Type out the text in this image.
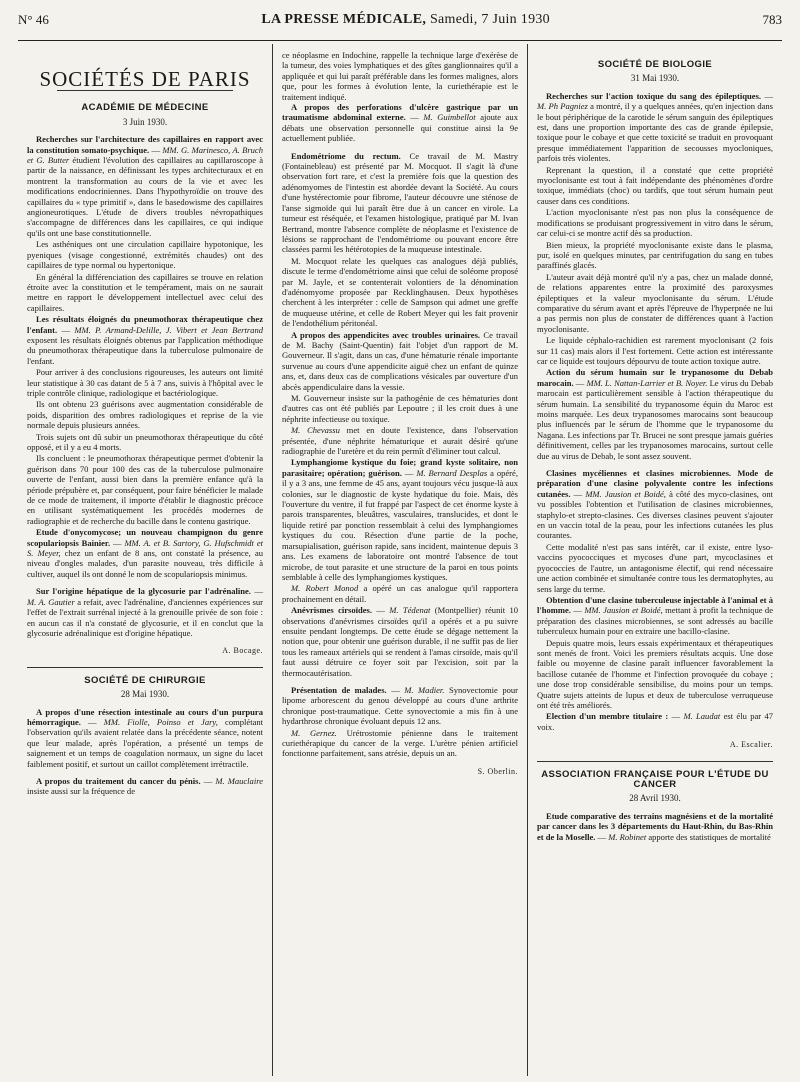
N° 46	LA PRESSE MÉDICALE, Samedi, 7 Juin 1930	783
SOCIÉTÉS DE PARIS
ACADÉMIE DE MÉDECINE
3 Juin 1930.

Recherches sur l'architecture des capillaires en rapport avec la constitution somato-psychique. — MM. G. Marinesco, A. Bruch et G. Butter étudient l'évolution des capillaires au capillaroscope à partir de la naissance, en définissant les types architecturaux et en montrent la transformation au cours de la vie et avec les modifications endocriniennes. Dans l'hypothyroïdie on trouve des capillaires du « type primitif », dans le basedowisme des capillaires angioneurotiques. L'étude de divers troubles névropathiques s'accompagne de différences dans les capillaires, ce qui indique qu'ils ont une base constitutionnelle.

Les asthéniques ont une circulation capillaire hypotonique, les pyeniques (visage congestionné, extrémités chaudes) ont des capillaires de type normal ou hypertonique.

En général la différenciation des capillaires se trouve en relation étroite avec la constitution et le tempérament, mais on ne saurait mettre en rapport le développement intellectuel avec celui des capillaires.

Les résultats éloignés du pneumothorax thérapeutique chez l'enfant. — MM. P. Armand-Delille, J. Vibert et Jean Bertrand exposent les résultats éloignés obtenus par l'application méthodique du pneumothorax thérapeutique dans la tuberculose pulmonaire de l'enfant.

Pour arriver à des conclusions rigoureuses, les auteurs ont limité leur statistique à 30 cas datant de 5 à 7 ans, suivis à l'hôpital avec le triple contrôle clinique, radiologique et bactériologique.

Ils ont obtenu 23 guérisons avec augmentation considérable de poids, disparition des ombres radiologiques et reprise de la vie normale depuis plusieurs années.

Trois sujets ont dû subir un pneumothorax thérapeutique du côté opposé, et il y a eu 4 morts.

Ils concluent : le pneumothorax thérapeutique permet d'obtenir la guérison dans 70 pour 100 des cas de la tuberculose pulmonaire ouverte de l'enfant, aussi bien dans la première enfance qu'à la période prépubère et, par conséquent, pour faire bénéficier le malade de ce mode de traitement, il importe d'établir le diagnostic précoce en utilisant systématiquement les procédés modernes de radiographie et de recherche du bacille dans le contenu gastrique.

Etude d'onycomycose; un nouveau champignon du genre scopulariopsis Bainier. — MM. A. et B. Sartory, G. Hufschmidt et S. Meyer, chez un enfant de 8 ans, ont constaté la présence, au niveau d'ongles malades, d'un parasite nouveau, très difficile à cultiver, auquel ils ont donné le nom de scopulariopsis minimus.

Sur l'origine hépatique de la glycosurie par l'adrénaline. — M. A. Gautier a refait, avec l'adrénaline, d'anciennes expériences sur l'effet de l'extrait surrénal injecté à la grenouille privée de son foie : en aucun cas il n'a constaté de glycosurie, et il en conclut que la glycosurie adrénalinique est d'origine hépatique.

A. Bocage.
SOCIÉTÉ DE CHIRURGIE
28 Mai 1930.

A propos d'une résection intestinale au cours d'un purpura hémorragique. — MM. Fiolle, Poinso et Jary, complétant l'observation qu'ils avaient relatée dans la précédente séance, notent que leur malade, après l'opération, a présenté un temps de saignement et un temps de coagulation normaux, un signe du lacet faiblement positif, et surtout un caillot complètement irrétractile.

A propos du traitement du cancer du pénis. — M. Mauclaire insiste aussi sur la fréquence de

ce néoplasme en Indochine, rappelle la technique large d'exérèse de la tumeur, des voies lymphatiques et des gîtes ganglionnaires qu'il a appliquée et qui lui paraît préférable dans les formes malignes, alors que, pour les formes à évolution lente, la curiethérapie est le traitement indiqué.

A propos des perforations d'ulcère gastrique par un traumatisme abdominal externe. — M. Guimbellot ajoute aux débats une observation personnelle qui constitue ainsi la 9e actuellement publiée.

Endométriome du rectum. Ce travail de M. Mastry (Fontainebleau) est présenté par M. Mocquot. Il s'agit là d'une observation fort rare, et c'est la première fois que la question des adénomyomes de l'intestin est abordée devant la Société. Au cours d'une hystérectomie pour fibrome, l'auteur découvre une sténose de l'anse sigmoïde qui lui paraît être due à un cancer en virole. La tumeur est réséquée, et l'examen histologique, pratiqué par M. Ivan Bertrand, montre l'absence complète de néoplasme et l'existence de lésions se rapprochant de l'endométriome ou pouvant encore être classées parmi les hétérotopies de la muqueuse intestinale.

M. Mocquot relate les quelques cas analogues déjà publiés, discute le terme d'endométriome ainsi que celui de soléome proposé par M. Jayle, et se contenterait volontiers de la dénomination d'adénomyome proposée par Recklinghausen. Deux hypothèses cherchent à les interpréter : celle de Sampson qui admet une greffe de muqueuse utérine, et celle de Robert Meyer qui les fait provenir de l'endothélium péritonéal.

A propos des appendicites avec troubles urinaires. Ce travail de M. Bachy (Saint-Quentin) fait l'objet d'un rapport de M. Gouverneur. Il s'agit, dans un cas, d'une hématurie rénale importante survenue au cours d'une appendicite aiguë chez un enfant de quinze ans, et, dans deux cas de complications vésicales par ouverture d'un abcès appendiculaire dans la vessie.

M. Gouverneur insiste sur la pathogénie de ces hématuries dont d'autres cas ont été publiés par Lepoutre ; il les croit dues à une néphrite infectieuse ou toxique.

M. Chevassu met en doute l'existence, dans l'observation présentée, d'une néphrite hématurique et aurait désiré qu'une radiographie de l'uretère et du rein permît d'éliminer tout calcul.

Lymphangiome kystique du foie; grand kyste solitaire, non parasitaire; opération; guérison. — M. Bernard Desplas a opéré, il y a 3 ans, une femme de 45 ans, ayant toujours vécu jusque-là aux colonies, sur le diagnostic de kyste hydatique du foie. Mais, dès l'ouverture du ventre, il fut frappé par l'aspect de cet énorme kyste à parois transparentes, bleuâtres, vasculaires, translucides, et dont le liquide retiré par ponction ressemblait à celui des lymphangiomes kystiques du cou. Résection d'une partie de la poche, marsupialisation, guérison rapide, sans incident, maintenue depuis 3 ans. Les examens de laboratoire ont montré l'absence de tout microbe, de tout parasite et une structure de la paroi en tous points semblable à celle des lymphangiomes kystiques.

M. Robert Monod a opéré un cas analogue qu'il rapportera prochainement en détail.

Anévrismes cirsoïdes. — M. Tédenat (Montpellier) réunit 10 observations d'anévrismes cirsoïdes qu'il a opérés et a pu suivre ensuite pendant longtemps. De cette étude se dégage nettement la notion que, pour obtenir une guérison durable, il ne suffit pas de lier tous les rameaux artériels qui se rendent à l'amas cirsoïde, mais qu'il faut aussi détruire ce foyer soit par l'excision, soit par la thermocautérisation.

Présentation de malades. — M. Madier. Synovectomie pour lipome arborescent du genou développé au cours d'une arthrite chronique post-traumatique. Cette synovectomie a mis fin à une hydarthrose chronique évoluant depuis 12 ans.

M. Gernez. Urétrostomie pénienne dans le traitement curiethérapique du cancer de la verge. L'urètre pénien artificiel fonctionne parfaitement, sans atrésie, depuis un an.

S. Oberlin.
SOCIÉTÉ DE BIOLOGIE
31 Mai 1930.

Recherches sur l'action toxique du sang des épileptiques. — M. Ph Pagniez a montré, il y a quelques années, qu'en injection dans le bout périphérique de la carotide le sérum sanguin des épileptiques est, dans une proportion importante des cas de grande épilepsie, toxique pour le cobaye et que cette toxicité se traduit en provoquant presque immédiatement l'apparition de secousses myocloniques, parfois très violentes.

Reprenant la question, il a constaté que cette propriété myoclonisante est tout à fait indépendante des phénomènes d'ordre toxique, immédiats (choc) ou tardifs, que tout sérum humain peut causer dans ces conditions.

L'action myoclonisante n'est pas non plus la conséquence de modifications se produisant progressivement in vitro dans le sérum, car celui-ci se montre actif dès sa production.

Bien mieux, la propriété myoclonisante existe dans le plasma, pur, isolé en quelques minutes, par centrifugation du sang en tubes paraffinés glacés.

L'auteur avait déjà montré qu'il n'y a pas, chez un malade donné, de relations apparentes entre la proximité des paroxysmes épileptiques et la valeur myoclonisante du sérum. L'étude comparative du sérum avant et après l'épreuve de l'hyperpnée ne lui a pas permis non plus de constater de différences quant à l'action myoclonisante.

Le liquide céphalo-rachidien est rarement myoclonisant (2 fois sur 11 cas) mais alors il l'est fortement. Cette action est intéressante car ce liquide est toujours dépourvu de toute action toxique autre.

Action du sérum humain sur le trypanosome du Debab marocain. — MM. L. Nattan-Larrier et B. Noyer. Le virus du Debab marocain est particulièrement sensible à l'action thérapeutique du sérum humain. La sensibilité du trypanosome équin du Maroc est moins marquée. Les deux trypanosomes marocains sont beaucoup plus influencés par le sérum de l'homme que le trypanosome du Nagana. Les infections par Tr. Brucei ne sont presque jamais guéries définitivement, celles par les trypanosomes marocains, surtout celle due au virus de Debab, le sont assez souvent.

Clasines mycéliennes et clasines microbiennes. Mode de préparation d'une clasine polyvalente contre les infections cutanées. — MM. Jausion et Boidé, à côté des myco-clasines, ont vu possibles l'obtention et l'utilisation de clasines microbiennes, staphylo-et strepto-clasines. Ces diverses clasines peuvent s'ajouter en un vaccin total de la peau, pour les infections cutanées les plus courantes.

Cette modalité n'est pas sans intérêt, car il existe, entre lyso-vaccins pyococciques et mycoses d'une part, mycoclasines et pyococcies de l'autre, un antagonisme électif, qui rend nécessaire une action combinée et simultanée contre tous les dermatophytes, au sens large du terme.

Obtention d'une clasine tuberculeuse injectable à l'animal et à l'homme. — MM. Jausion et Boidé, mettant à profit la technique de préparation des clasines microbiennes, se sont adressés au bacille tuberculeux humain pour en extraire une bacillo-clasine.

Depuis quatre mois, leurs essais expérimentaux et thérapeutiques sont menés de front. Voici les premiers résultats acquis. Une dose faible ou moyenne de clasine paraît influencer favorablement la bacillose cutanée de l'homme et l'infection provoquée du cobaye ; une dose trop considérable sensibilise, du moins pour un temps. Quatre sujets atteints de lupus et deux de tuberculose verruqueuse ont été très améliorés.

Election d'un membre titulaire : — M. Laudat est élu par 47 voix.

A. Escalier.
ASSOCIATION FRANÇAISE POUR L'ÉTUDE DU CANCER
28 Avril 1930.

Etude comparative des terrains magnésiens et de la mortalité par cancer dans les 3 départements du Haut-Rhin, du Bas-Rhin et de la Moselle. — M. Robinet apporte des statistiques de mortalité
